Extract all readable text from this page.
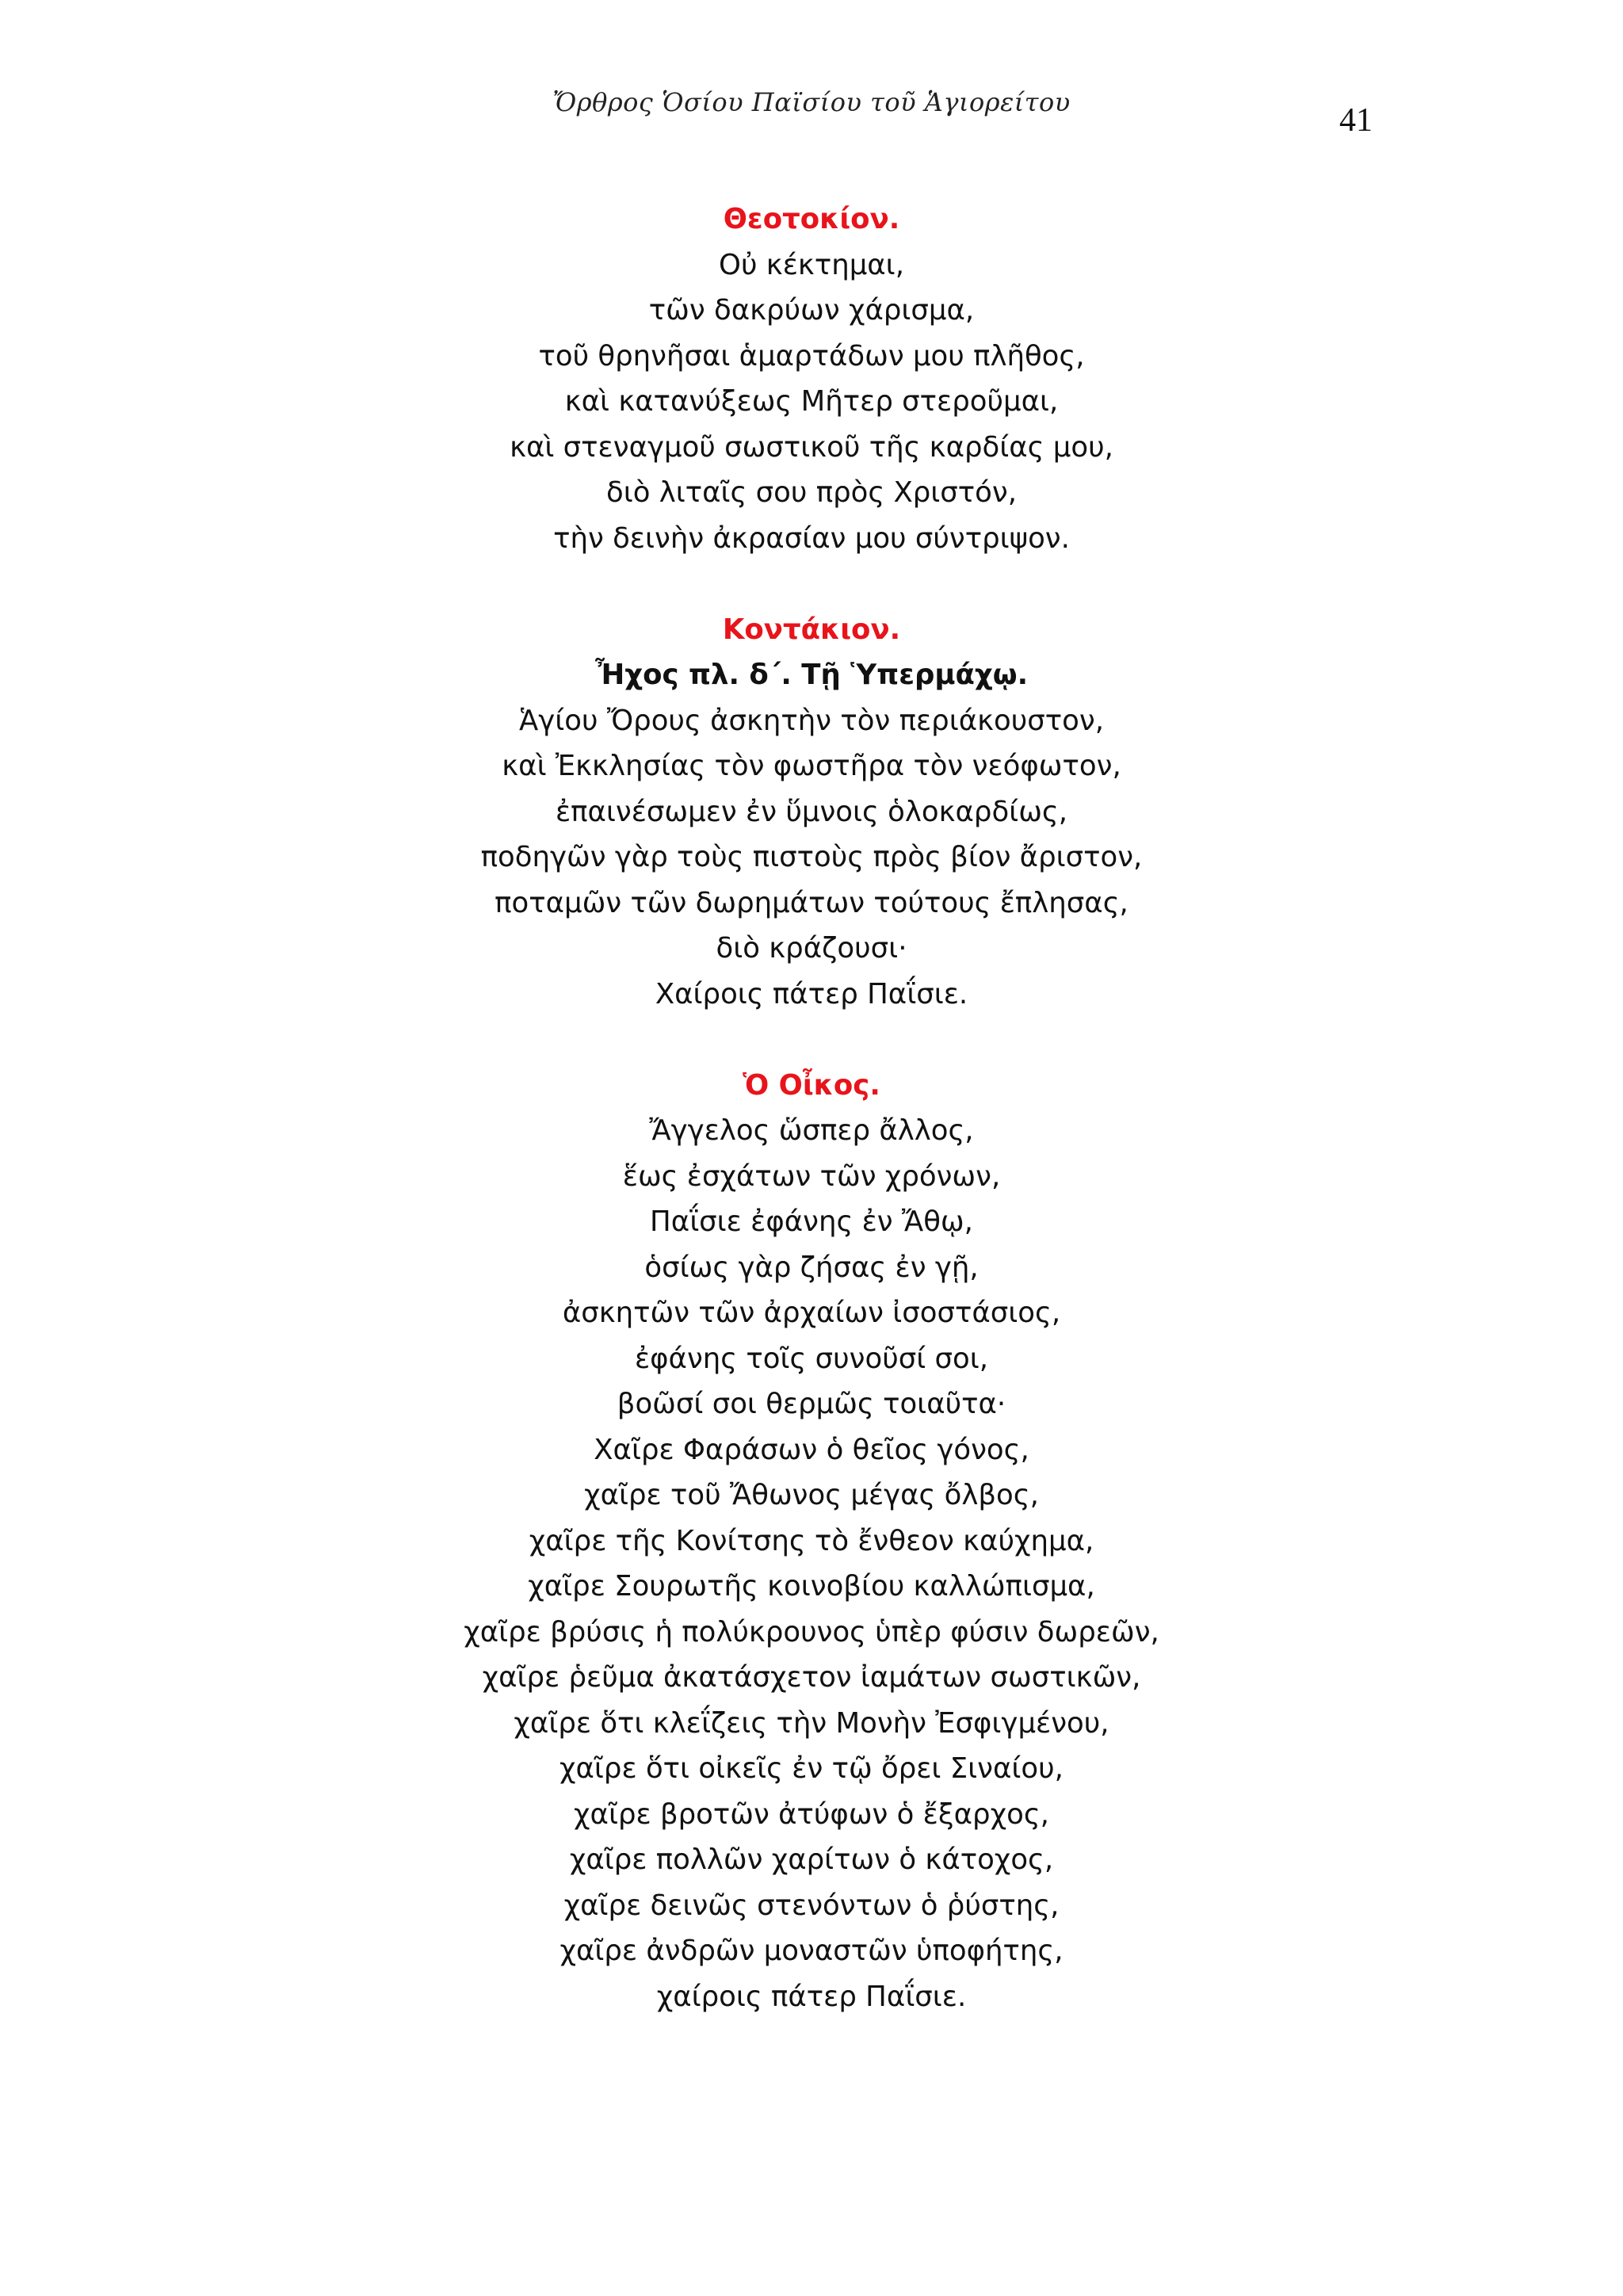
Ὄρθρος Ὁσίου Παϊσίου τοῦ Ἁγιορείτου	41

Θεοτοκίον.

Οὐ κέκτημαι,

τῶν δακρύων χάρισμα,

τοῦ θρηνῆσαι ἁμαρτάδων μου πλῆθος,

καὶ κατανύξεως Μῆτερ στεροῦμαι,

καὶ στεναγμοῦ σωστικοῦ τῆς καρδίας μου,

διὸ λιταῖς σου πρὸς Χριστόν,

τὴν δεινὴν ἀκρασίαν μου σύντριψον.

Κοντάκιον.

Ἦχος πλ. δ΄. Τῇ Ὑπερμάχῳ.

Ἁγίου Ὄρους ἀσκητὴν τὸν περιάκουστον,

καὶ Ἐκκλησίας τὸν φωστῆρα τὸν νεόφωτον,

ἐπαινέσωμεν ἐν ὕμνοις ὁλοκαρδίως,

ποδηγῶν γὰρ τοὺς πιστοὺς πρὸς βίον ἄριστον,

ποταμῶν τῶν δωρημάτων τούτους ἔπλησας,

διὸ κράζουσι·

Χαίροις πάτερ Παΐσιε.

Ὁ Οἶκος.

Ἄγγελος ὥσπερ ἄλλος,

ἕως ἐσχάτων τῶν χρόνων,

Παΐσιε ἐφάνης ἐν Ἄθῳ,

ὁσίως γὰρ ζήσας ἐν γῇ,

ἀσκητῶν τῶν ἀρχαίων ἰσοστάσιος,

ἐφάνης τοῖς συνοῦσί σοι,

βοῶσί σοι θερμῶς τοιαῦτα·

Χαῖρε Φαράσων ὁ θεῖος γόνος,

χαῖρε τοῦ Ἄθωνος μέγας ὄλβος,

χαῖρε τῆς Κονίτσης τὸ ἔνθεον καύχημα,

χαῖρε Σουρωτῆς κοινοβίου καλλώπισμα,

χαῖρε βρύσις ἡ πολύκρουνος ὑπὲρ φύσιν δωρεῶν,

χαῖρε ῥεῦμα ἀκατάσχετον ἰαμάτων σωστικῶν,

χαῖρε ὅτι κλεΐζεις τὴν Μονὴν Ἐσφιγμένου,

χαῖρε ὅτι οἰκεῖς ἐν τῷ ὄρει Σιναίου,

χαῖρε βροτῶν ἀτύφων ὁ ἔξαρχος,

χαῖρε πολλῶν χαρίτων ὁ κάτοχος,

χαῖρε δεινῶς στενόντων ὁ ῥύστης,

χαῖρε ἀνδρῶν μοναστῶν ὑποφήτης,

χαίροις πάτερ Παΐσιε.
